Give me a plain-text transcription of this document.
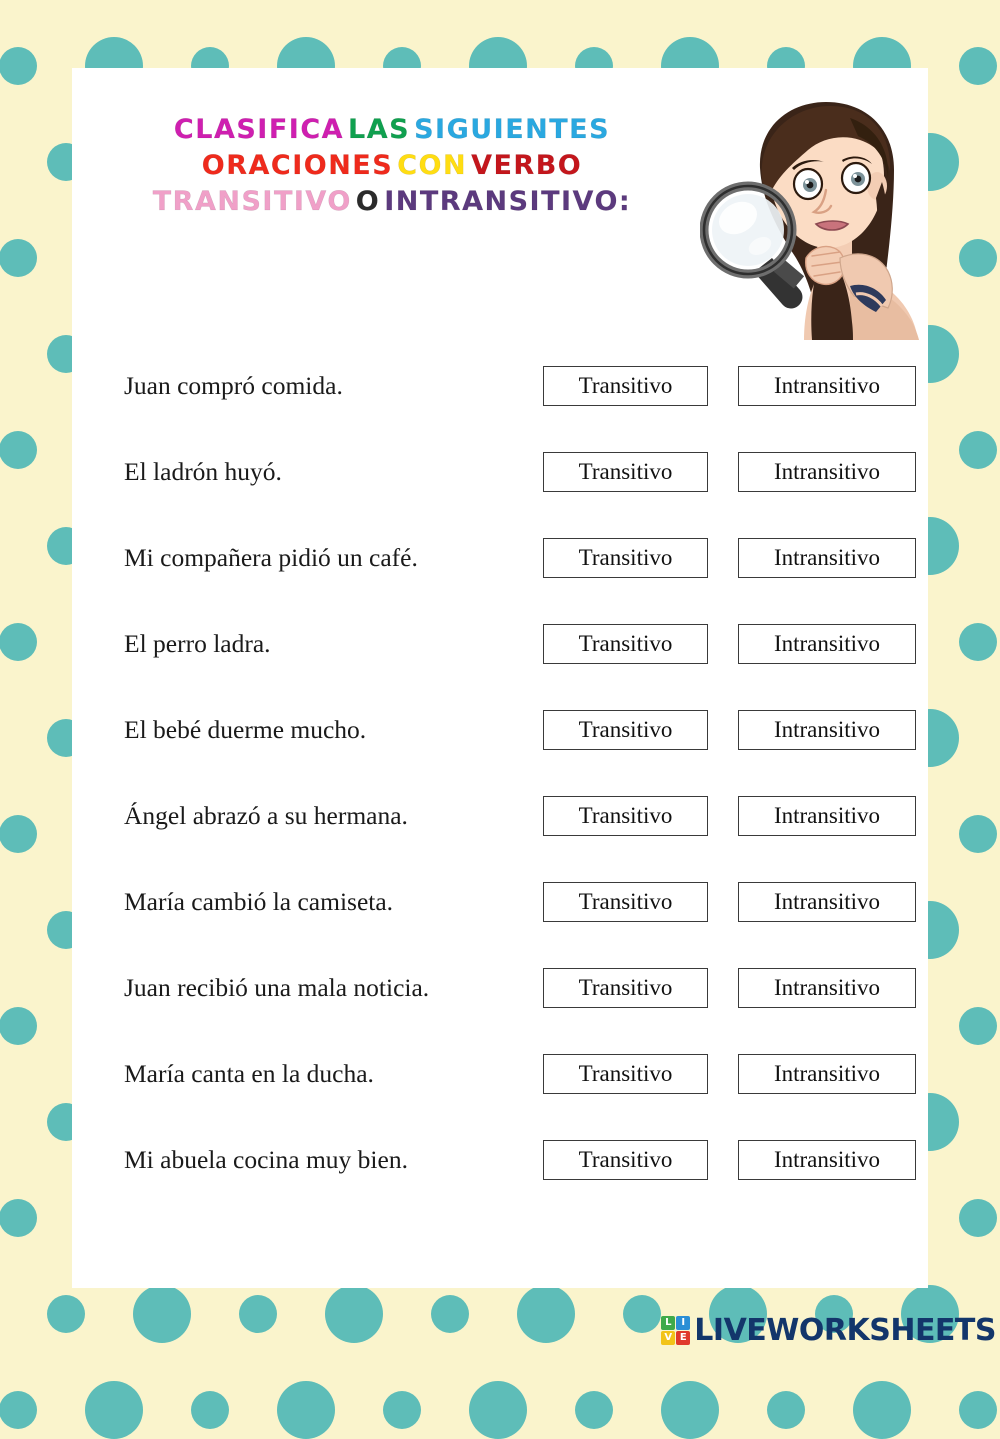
CLASIFICA LAS SIGUIENTES
ORACIONES CON VERBO
TRANSITIVO O INTRANSITIVO:
Juan compró comida.	Transitivo	Intransitivo
El ladrón huyó.	Transitivo	Intransitivo
Mi compañera pidió un café.	Transitivo	Intransitivo
El perro ladra.	Transitivo	Intransitivo
El bebé duerme mucho.	Transitivo	Intransitivo
Ángel abrazó a su hermana.	Transitivo	Intransitivo
María cambió la camiseta.	Transitivo	Intransitivo
Juan recibió una mala noticia.	Transitivo	Intransitivo
María canta en la ducha.	Transitivo	Intransitivo
Mi abuela cocina muy bien.	Transitivo	Intransitivo
L I
V E LIVEWORKSHEETS
